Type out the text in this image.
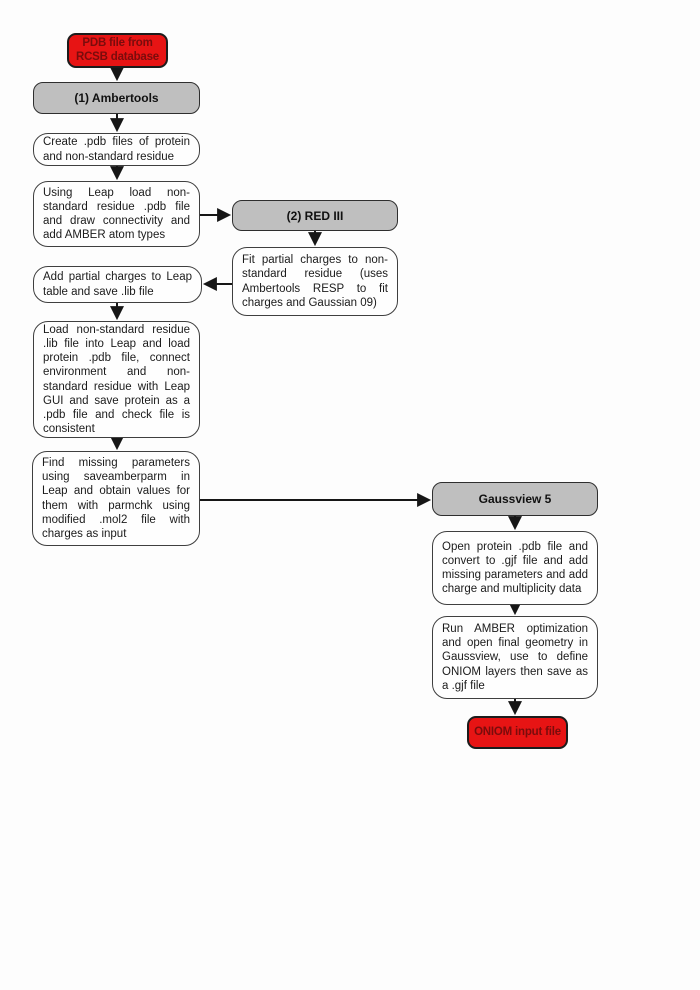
PDB file from RCSB database
(1) Ambertools
Create .pdb files of protein and non-standard residue
Using Leap load non-standard residue .pdb file and draw connectivity and add AMBER atom types
(2) RED III
Fit partial charges to non-standard residue (uses Ambertools RESP to fit charges and Gaussian 09)
Add partial charges to Leap table and save .lib file
Load non-standard residue .lib file into Leap and load protein .pdb file, connect environment and non-standard residue with Leap GUI and save protein as a .pdb file and check file is consistent
Find missing parameters using saveamberparm in Leap and obtain values for them with parmchk using modified .mol2 file with charges as input
Gaussview 5
Open protein .pdb file and convert to .gjf file and add missing parameters and add charge and multiplicity data
Run AMBER optimization and open final geometry in Gaussview, use to define ONIOM layers then save as a .gjf file
ONIOM input file
